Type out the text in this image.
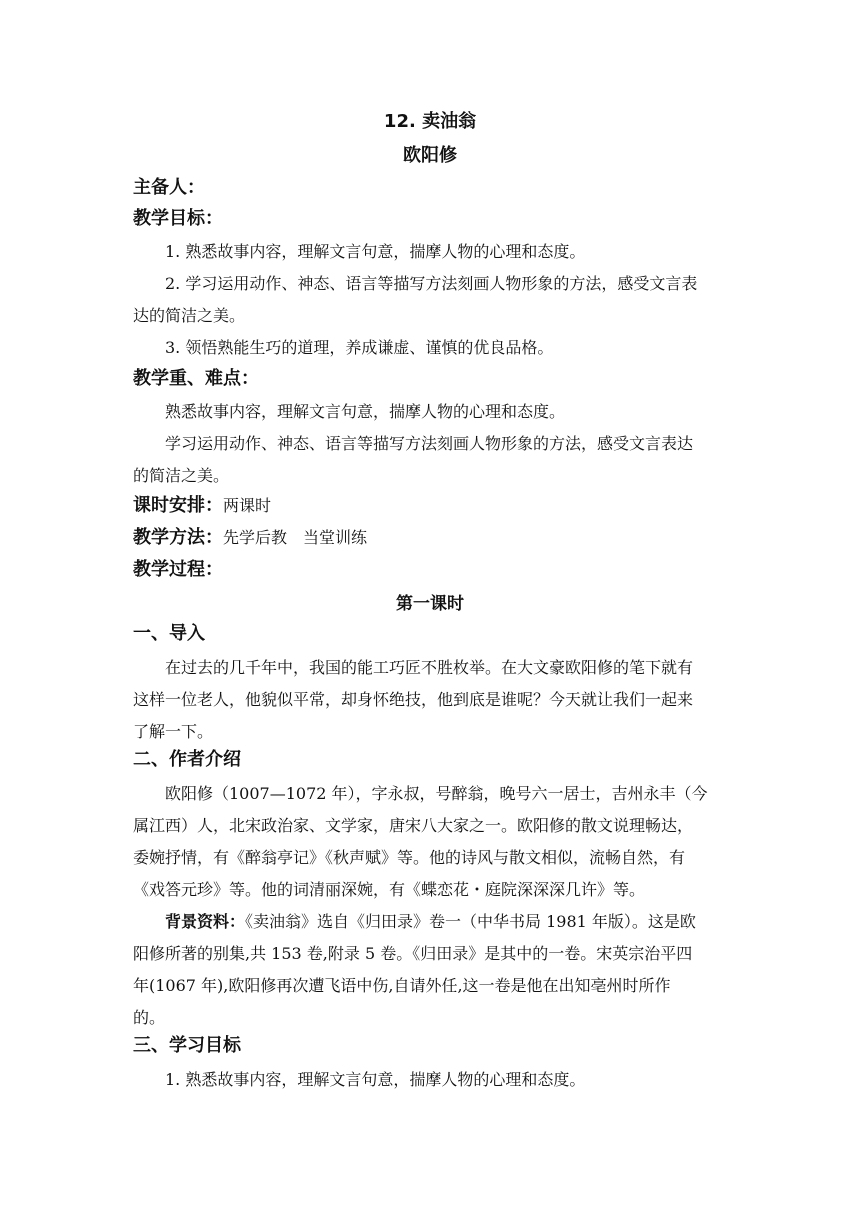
12. 卖油翁
欧阳修
主备人：
教学目标：
1. 熟悉故事内容，理解文言句意，揣摩人物的心理和态度。
2. 学习运用动作、神态、语言等描写方法刻画人物形象的方法，感受文言表
达的简洁之美。
3. 领悟熟能生巧的道理，养成谦虚、谨慎的优良品格。
教学重、难点：
熟悉故事内容，理解文言句意，揣摩人物的心理和态度。
学习运用动作、神态、语言等描写方法刻画人物形象的方法，感受文言表达
的简洁之美。
课时安排：两课时
教学方法：先学后教　当堂训练
教学过程：
第一课时
一、导入
在过去的几千年中，我国的能工巧匠不胜枚举。在大文豪欧阳修的笔下就有
这样一位老人，他貌似平常，却身怀绝技，他到底是谁呢？今天就让我们一起来
了解一下。
二、作者介绍
欧阳修（1007—1072 年），字永叔，号醉翁，晚号六一居士，吉州永丰（今
属江西）人，北宋政治家、文学家，唐宋八大家之一。欧阳修的散文说理畅达，
委婉抒情，有《醉翁亭记》《秋声赋》等。他的诗风与散文相似，流畅自然，有
《戏答元珍》等。他的词清丽深婉，有《蝶恋花・庭院深深深几许》等。
背景资料：《卖油翁》选自《归田录》卷一（中华书局 1981 年版）。这是欧
阳修所著的别集,共 153 卷,附录 5 卷。《归田录》是其中的一卷。宋英宗治平四
年(1067 年),欧阳修再次遭飞语中伤,自请外任,这一卷是他在出知亳州时所作
的。
三、学习目标
1. 熟悉故事内容，理解文言句意，揣摩人物的心理和态度。
